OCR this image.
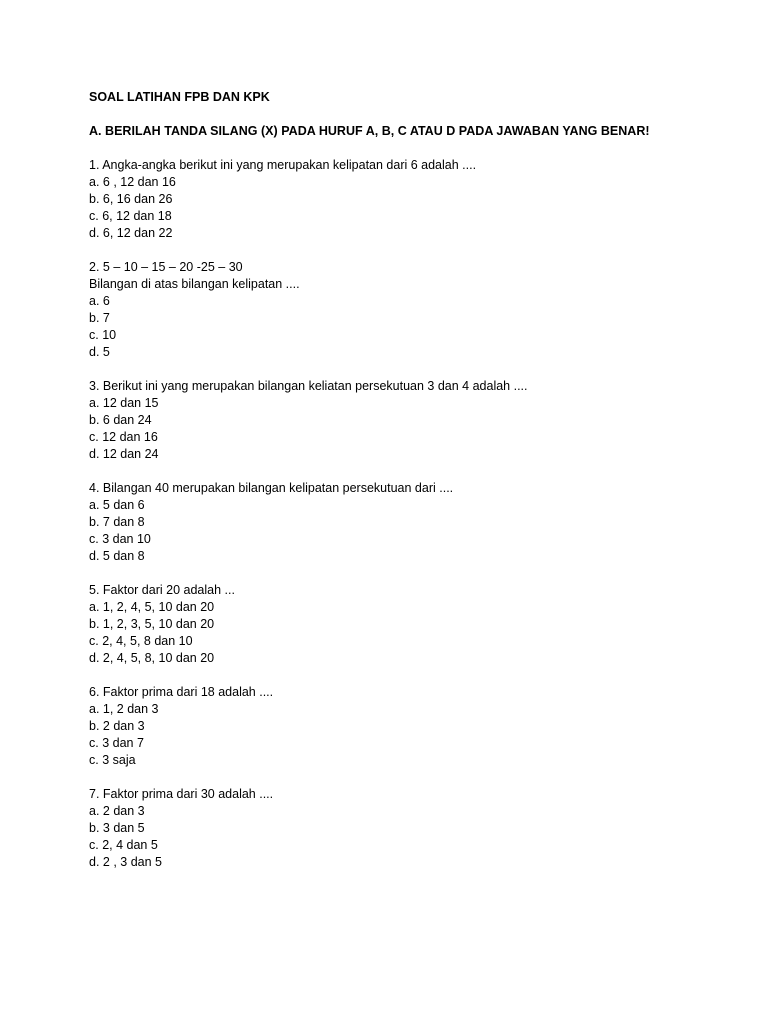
SOAL LATIHAN FPB DAN KPK
A. BERILAH TANDA SILANG (X) PADA HURUF A, B, C ATAU D PADA JAWABAN YANG BENAR!
1. Angka-angka berikut ini yang merupakan kelipatan dari 6 adalah ....
a. 6 , 12 dan 16
b. 6, 16 dan 26
c. 6, 12 dan 18
d. 6, 12 dan 22
2. 5 – 10 – 15 – 20 -25 – 30
Bilangan di atas bilangan kelipatan ....
a. 6
b. 7
c. 10
d. 5
3. Berikut ini yang merupakan bilangan keliatan persekutuan 3 dan 4 adalah ....
a. 12 dan 15
b. 6 dan 24
c. 12 dan 16
d. 12 dan 24
4. Bilangan 40 merupakan bilangan kelipatan persekutuan dari ....
a. 5 dan 6
b. 7 dan 8
c. 3 dan 10
d. 5 dan 8
5. Faktor dari 20 adalah ...
a. 1, 2, 4, 5, 10 dan 20
b. 1, 2, 3, 5, 10 dan 20
c. 2, 4, 5, 8 dan 10
d. 2, 4, 5, 8, 10 dan 20
6. Faktor prima dari 18 adalah ....
a. 1, 2 dan 3
b. 2 dan 3
c. 3 dan 7
c. 3 saja
7. Faktor prima dari 30 adalah ....
a. 2 dan 3
b. 3 dan 5
c. 2, 4 dan 5
d. 2 , 3 dan 5
